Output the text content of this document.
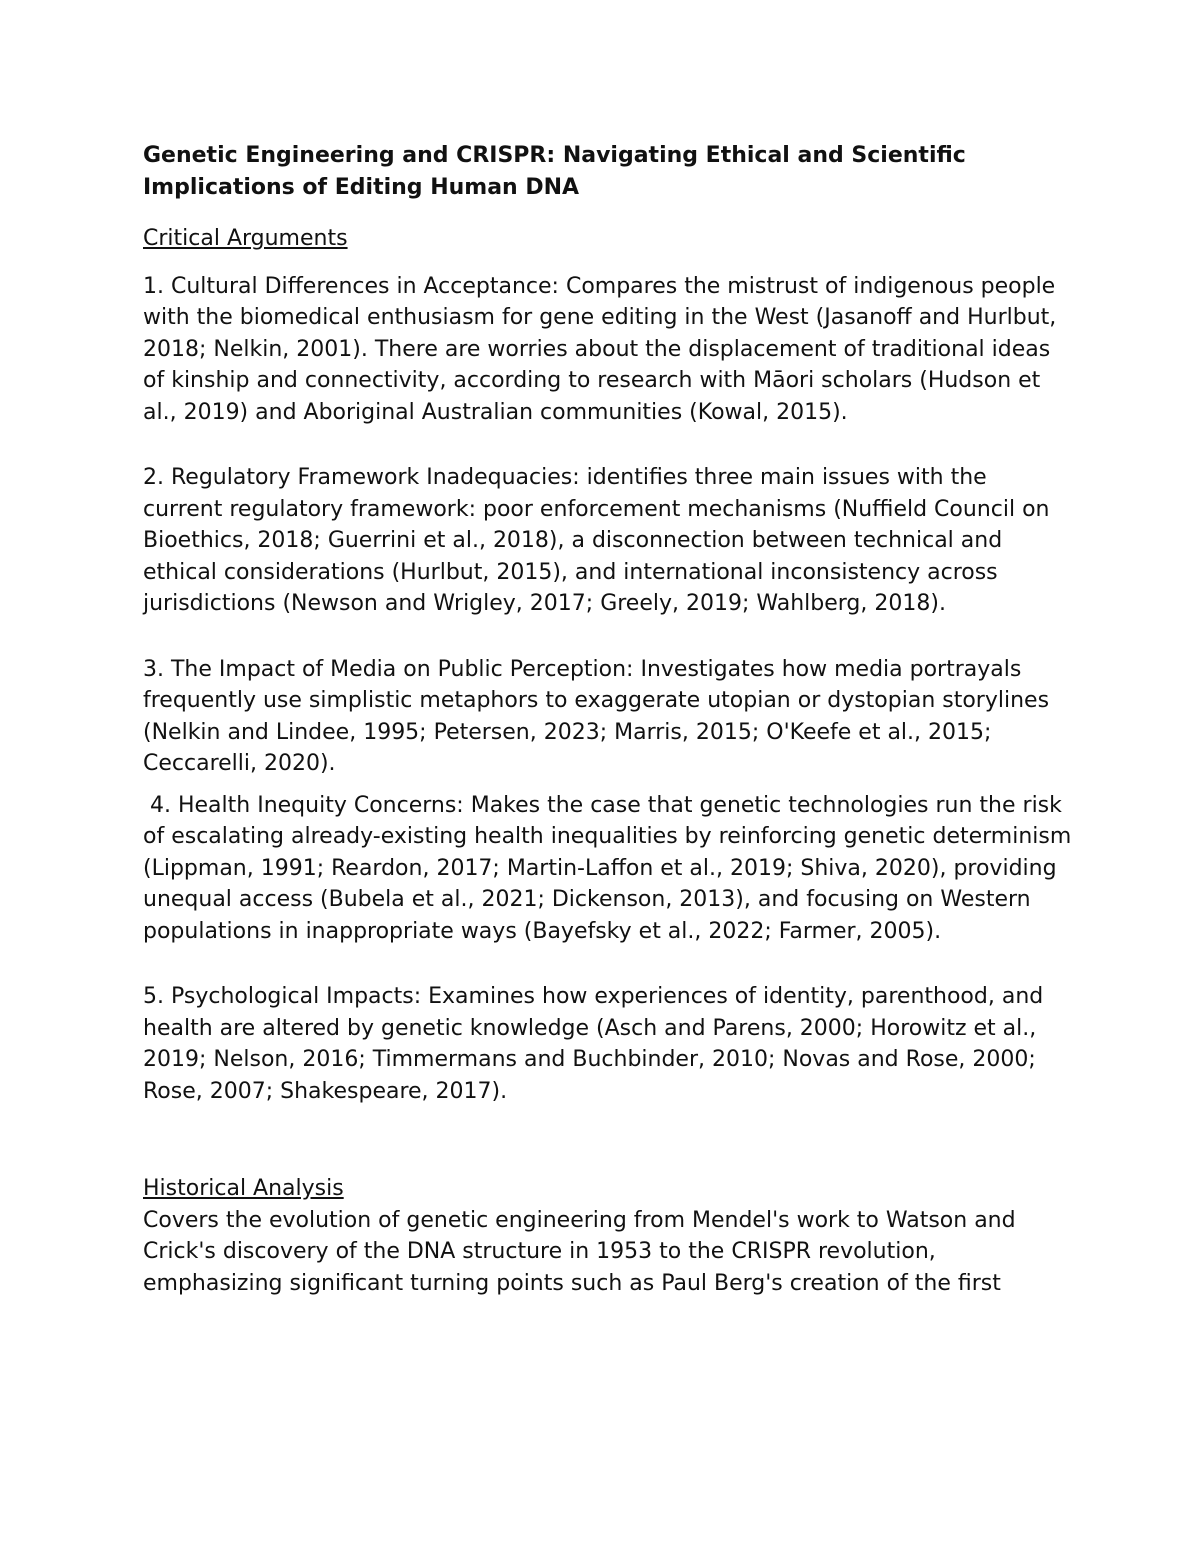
Genetic Engineering and CRISPR: Navigating Ethical and Scientific Implications of Editing Human DNA
Critical Arguments

1. Cultural Differences in Acceptance: Compares the mistrust of indigenous people with the biomedical enthusiasm for gene editing in the West (Jasanoff and Hurlbut, 2018; Nelkin, 2001). There are worries about the displacement of traditional ideas of kinship and connectivity, according to research with Māori scholars (Hudson et al., 2019) and Aboriginal Australian communities (Kowal, 2015).

2. Regulatory Framework Inadequacies: identifies three main issues with the current regulatory framework: poor enforcement mechanisms (Nuffield Council on Bioethics, 2018; Guerrini et al., 2018), a disconnection between technical and ethical considerations (Hurlbut, 2015), and international inconsistency across jurisdictions (Newson and Wrigley, 2017; Greely, 2019; Wahlberg, 2018).

3. The Impact of Media on Public Perception: Investigates how media portrayals frequently use simplistic metaphors to exaggerate utopian or dystopian storylines (Nelkin and Lindee, 1995; Petersen, 2023; Marris, 2015; O'Keefe et al., 2015; Ceccarelli, 2020).

4. Health Inequity Concerns: Makes the case that genetic technologies run the risk of escalating already-existing health inequalities by reinforcing genetic determinism (Lippman, 1991; Reardon, 2017; Martin-Laffon et al., 2019; Shiva, 2020), providing unequal access (Bubela et al., 2021; Dickenson, 2013), and focusing on Western populations in inappropriate ways (Bayefsky et al., 2022; Farmer, 2005).

5. Psychological Impacts: Examines how experiences of identity, parenthood, and health are altered by genetic knowledge (Asch and Parens, 2000; Horowitz et al., 2019; Nelson, 2016; Timmermans and Buchbinder, 2010; Novas and Rose, 2000; Rose, 2007; Shakespeare, 2017).

Historical Analysis

Covers the evolution of genetic engineering from Mendel's work to Watson and Crick's discovery of the DNA structure in 1953 to the CRISPR revolution, emphasizing significant turning points such as Paul Berg's creation of the first
